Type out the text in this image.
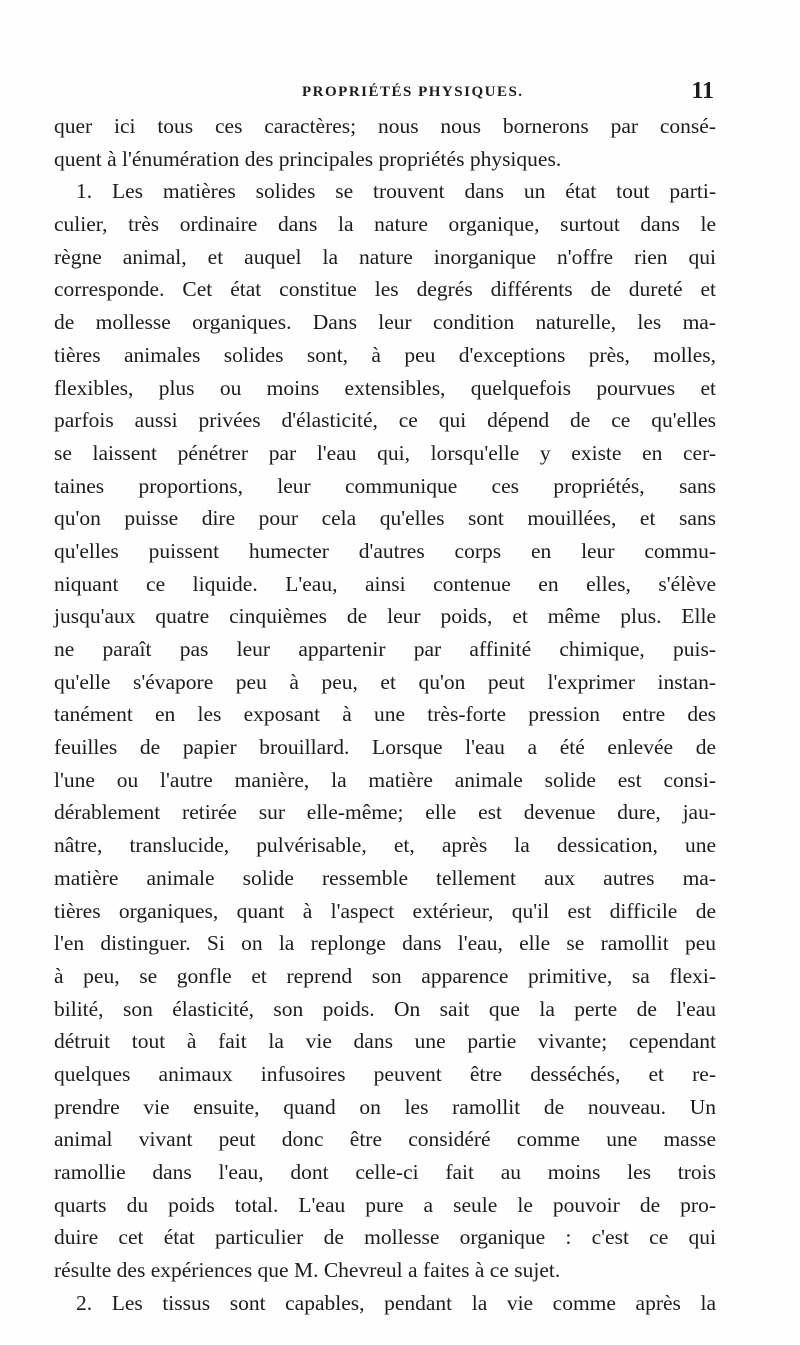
PROPRIÉTÉS PHYSIQUES.	11
quer ici tous ces caractères; nous nous bornerons par consé-
quent à l'énumération des principales propriétés physiques.
1. Les matières solides se trouvent dans un état tout parti-
culier, très ordinaire dans la nature organique, surtout dans le
règne animal, et auquel la nature inorganique n'offre rien qui
corresponde. Cet état constitue les degrés différents de dureté et
de mollesse organiques. Dans leur condition naturelle, les ma-
tières animales solides sont, à peu d'exceptions près, molles,
flexibles, plus ou moins extensibles, quelquefois pourvues et
parfois aussi privées d'élasticité, ce qui dépend de ce qu'elles
se laissent pénétrer par l'eau qui, lorsqu'elle y existe en cer-
taines proportions, leur communique ces propriétés, sans
qu'on puisse dire pour cela qu'elles sont mouillées, et sans
qu'elles puissent humecter d'autres corps en leur commu-
niquant ce liquide. L'eau, ainsi contenue en elles, s'élève
jusqu'aux quatre cinquièmes de leur poids, et même plus. Elle
ne paraît pas leur appartenir par affinité chimique, puis-
qu'elle s'évapore peu à peu, et qu'on peut l'exprimer instan-
tanément en les exposant à une très-forte pression entre des
feuilles de papier brouillard. Lorsque l'eau a été enlevée de
l'une ou l'autre manière, la matière animale solide est consi-
dérablement retirée sur elle-même; elle est devenue dure, jau-
nâtre, translucide, pulvérisable, et, après la dessication, une
matière animale solide ressemble tellement aux autres ma-
tières organiques, quant à l'aspect extérieur, qu'il est difficile de
l'en distinguer. Si on la replonge dans l'eau, elle se ramollit peu
à peu, se gonfle et reprend son apparence primitive, sa flexi-
bilité, son élasticité, son poids. On sait que la perte de l'eau
détruit tout à fait la vie dans une partie vivante; cependant
quelques animaux infusoires peuvent être desséchés, et re-
prendre vie ensuite, quand on les ramollit de nouveau. Un
animal vivant peut donc être considéré comme une masse
ramollie dans l'eau, dont celle-ci fait au moins les trois
quarts du poids total. L'eau pure a seule le pouvoir de pro-
duire cet état particulier de mollesse organique : c'est ce qui
résulte des expériences que M. Chevreul a faites à ce sujet.
2. Les tissus sont capables, pendant la vie comme après la
